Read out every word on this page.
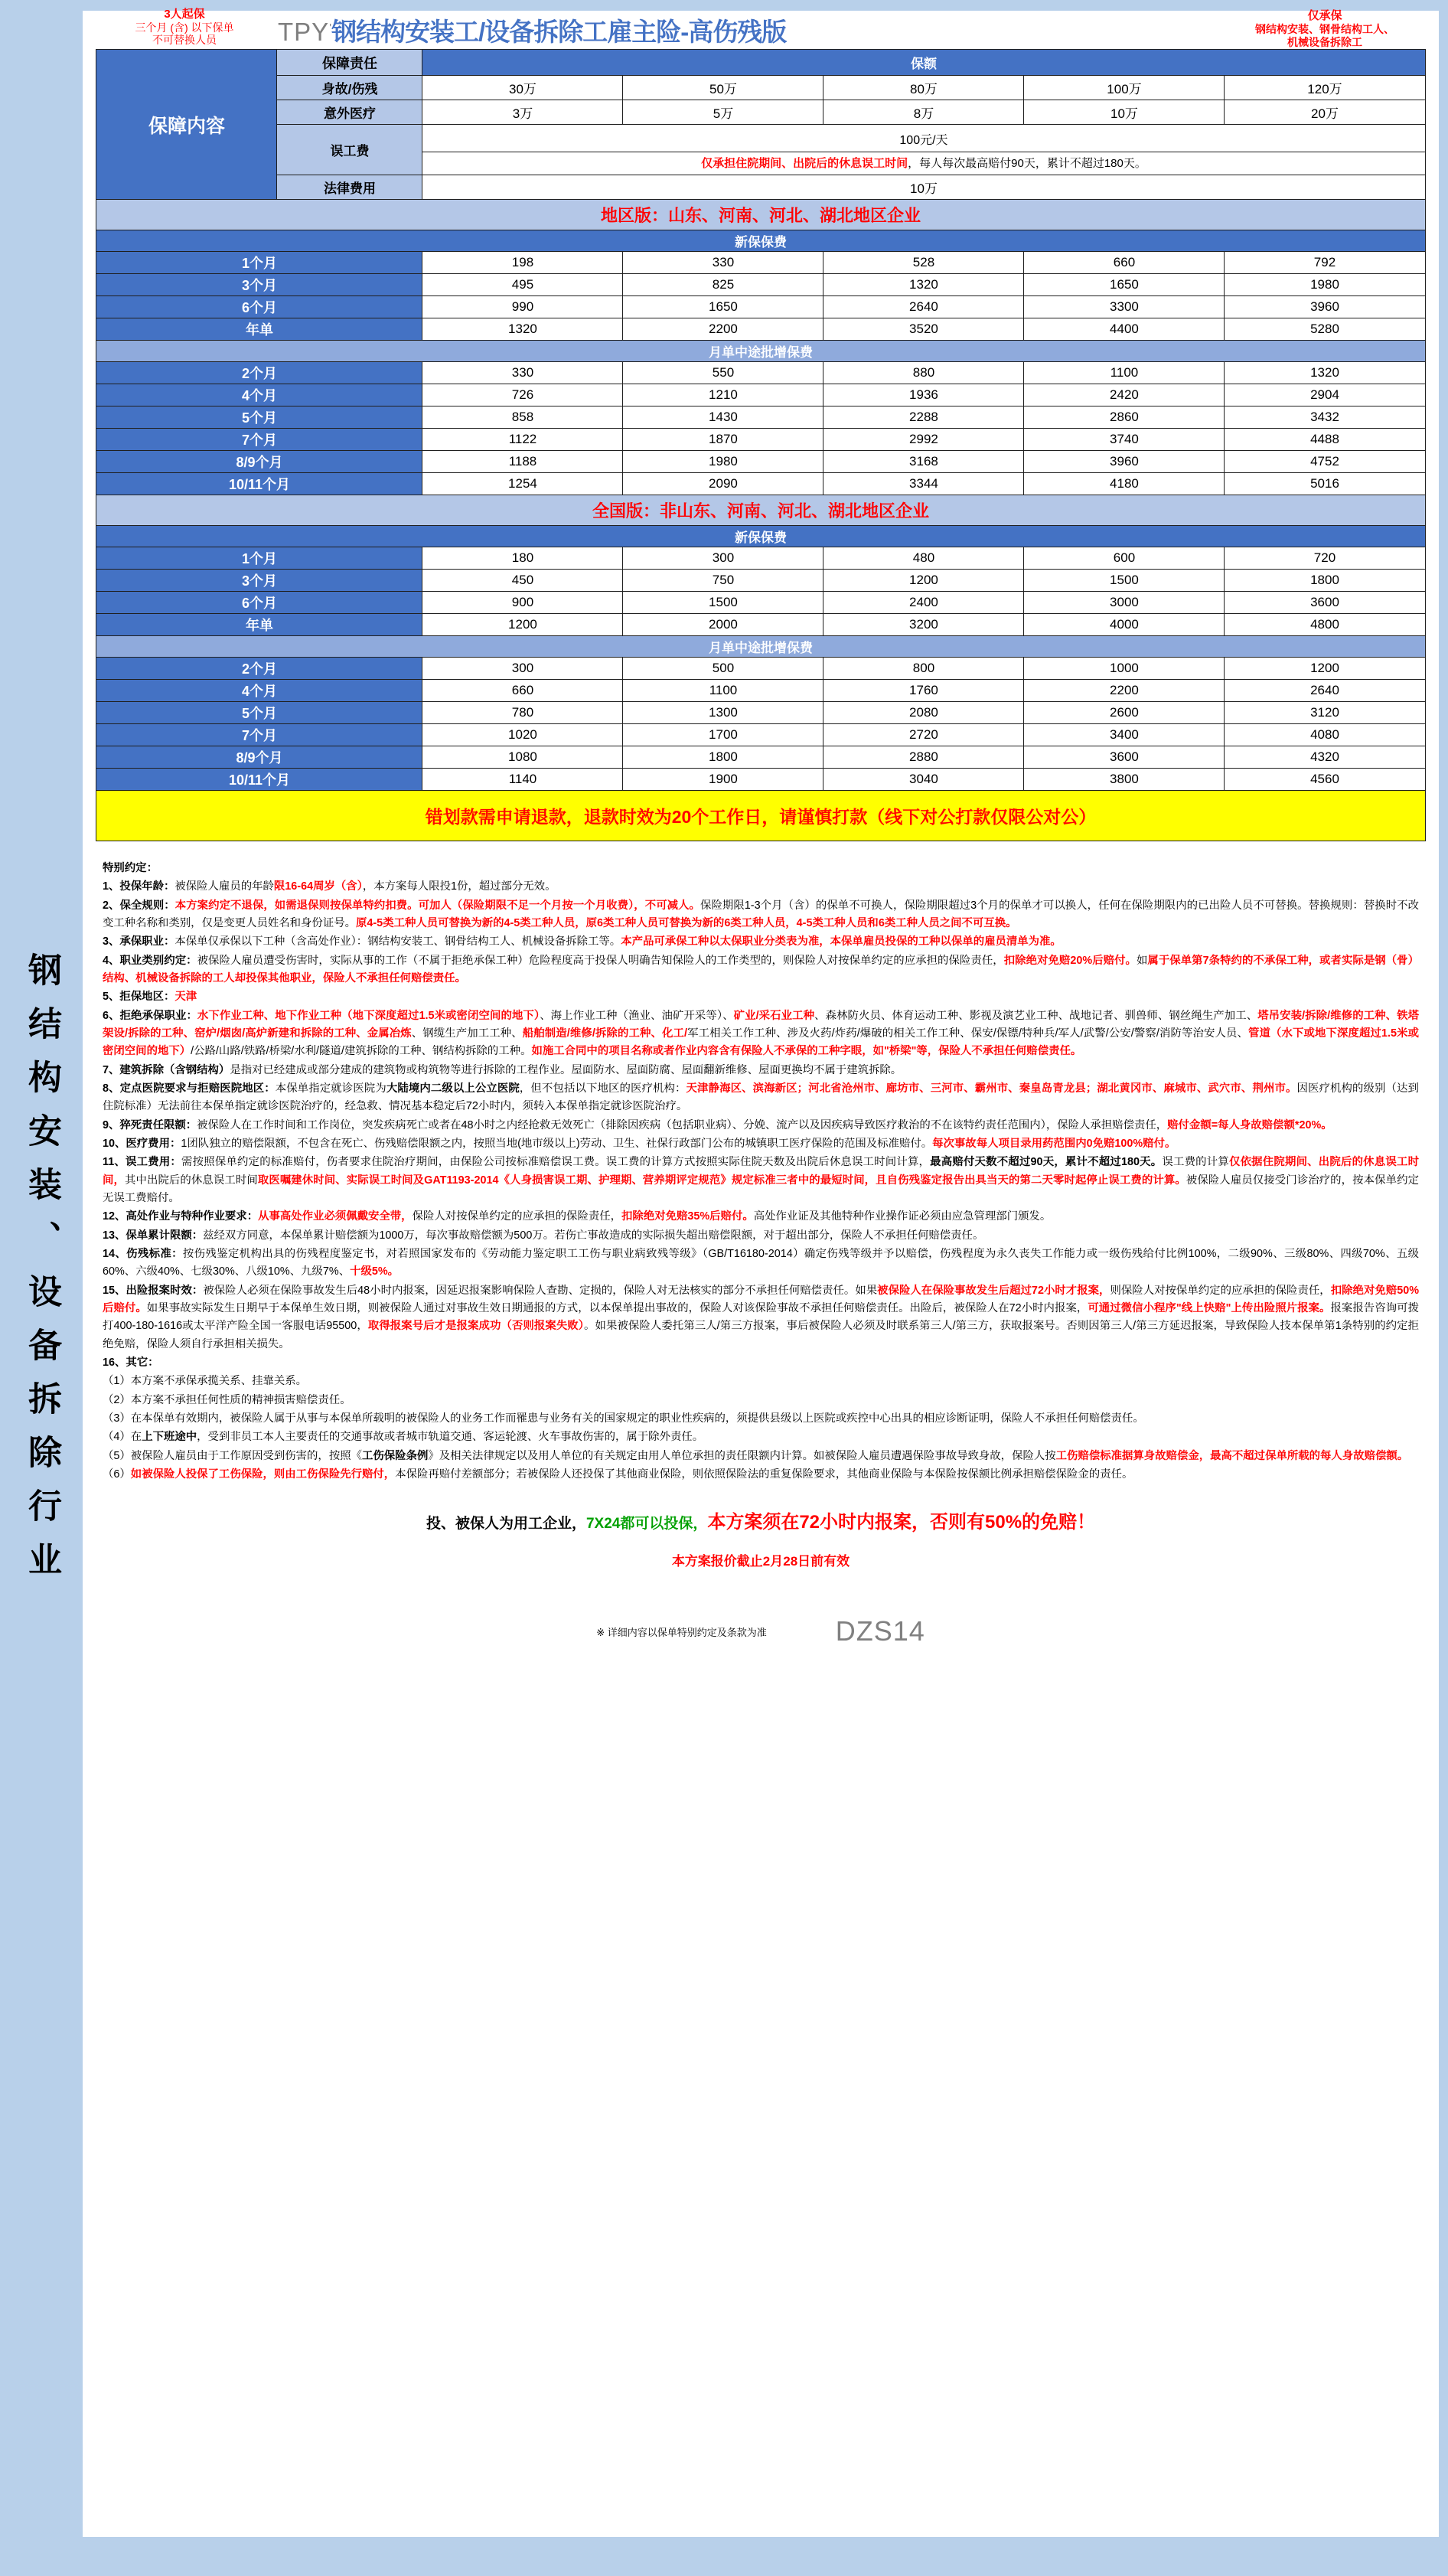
钢结构安装、设备拆除行业
3人起保
三个月 (含) 以下保单
不可替换人员	TPY'钢结构安装工/设备拆除工雇主险-高伤残版
仅承保
钢结构安装、钢骨结构工人、
机械设备拆除工
保障内容	保障责任	保额				
	身故/伤残	30万	50万	80万	100万	120万
	意外医疗	3万	5万	8万	10万	20万
	误工费	100元/天
仅承担住院期间、出院后的休息误工时间，每人每次最高赔付90天，累计不超过180天。				

	法律费用	10万				
地区版：山东、河南、河北、湖北地区企业						
新保保费						
1个月		198	330	528	660	792
3个月		495	825	1320	1650	1980
6个月		990	1650	2640	3300	3960
年单		1320	2200	3520	4400	5280
月单中途批增保费						
2个月		330	550	880	1100	1320
4个月		726	1210	1936	2420	2904
5个月		858	1430	2288	2860	3432
7个月		1122	1870	2992	3740	4488
8/9个月		1188	1980	3168	3960	4752
10/11个月		1254	2090	3344	4180	5016
全国版：非山东、河南、河北、湖北地区企业						
新保保费						
1个月		180	300	480	600	720
3个月		450	750	1200	1500	1800
6个月		900	1500	2400	3000	3600
年单		1200	2000	3200	4000	4800
月单中途批增保费						
2个月		300	500	800	1000	1200
4个月		660	1100	1760	2200	2640
5个月		780	1300	2080	2600	3120
7个月		1020	1700	2720	3400	4080
8/9个月		1080	1800	2880	3600	4320
10/11个月		1140	1900	3040	3800	4560
错划款需申请退款，退款时效为20个工作日，请谨慎打款（线下对公打款仅限公对公）						

特别约定：

1、投保年龄：被保险人雇员的年龄限16-64周岁（含），本方案每人限投1份，超过部分无效。

2、保全规则：本方案约定不退保，如需退保则按保单特约扣费。可加人（保险期限不足一个月按一个月收费），不可减人。保险期限1-3个月（含）的保单不可换人，保险期限超过3个月的保单才可以换人，任何在保险期限内的已出险人员不可替换。替换规则：替换时不改变工种名称和类别，仅是变更人员姓名和身份证号。原4-5类工种人员可替换为新的4-5类工种人员，原6类工种人员可替换为新的6类工种人员，4-5类工种人员和6类工种人员之间不可互换。

3、承保职业：本保单仅承保以下工种（含高处作业）：钢结构安装工、钢骨结构工人、机械设备拆除工等。本产品可承保工种以太保职业分类表为准，本保单雇员投保的工种以保单的雇员清单为准。

4、职业类别约定：被保险人雇员遭受伤害时，实际从事的工作（不属于拒绝承保工种）危险程度高于投保人明确告知保险人的工作类型的，则保险人对按保单约定的应承担的保险责任，扣除绝对免赔20%后赔付。如属于保单第7条特约的不承保工种，或者实际是钢（骨）结构、机械设备拆除的工人却投保其他职业，保险人不承担任何赔偿责任。

5、拒保地区：天津

6、拒绝承保职业：水下作业工种、地下作业工种（地下深度超过1.5米或密闭空间的地下）、海上作业工种（渔业、油矿开采等）、矿业/采石业工种、森林防火员、体育运动工种、影视及演艺业工种、战地记者、驯兽师、钢丝绳生产加工、塔吊安装/拆除/维修的工种、铁塔架设/拆除的工种、窑炉/烟囱/高炉新建和拆除的工种、金属冶炼、钢缆生产加工工种、船舶制造/维修/拆除的工种、化工/军工相关工作工种、涉及火药/炸药/爆破的相关工作工种、保安/保镖/特种兵/军人/武警/公安/警察/消防等治安人员、管道（水下或地下深度超过1.5米或密闭空间的地下）/公路/山路/铁路/桥梁/水利/隧道/建筑拆除的工种、钢结构拆除的工种。如施工合同中的项目名称或者作业内容含有保险人不承保的工种字眼，如"桥梁"等，保险人不承担任何赔偿责任。

7、建筑拆除（含钢结构）是指对已经建成或部分建成的建筑物或构筑物等进行拆除的工程作业。屋面防水、屋面防腐、屋面翻新维修、屋面更换均不属于建筑拆除。

8、定点医院要求与拒赔医院地区：本保单指定就诊医院为大陆境内二级以上公立医院，但不包括以下地区的医疗机构：天津静海区、滨海新区；河北省沧州市、廊坊市、三河市、霸州市、秦皇岛青龙县；湖北黄冈市、麻城市、武穴市、荆州市。因医疗机构的级别（达到住院标准）无法前往本保单指定就诊医院治疗的，经急救、情况基本稳定后72小时内，须转入本保单指定就诊医院治疗。

9、猝死责任限额：被保险人在工作时间和工作岗位，突发疾病死亡或者在48小时之内经抢救无效死亡（排除因疾病（包括职业病）、分娩、流产以及因疾病导致医疗救治的不在该特约责任范围内），保险人承担赔偿责任，赔付金额=每人身故赔偿额*20%。

10、医疗费用：1团队独立的赔偿限额，不包含在死亡、伤残赔偿限额之内，按照当地(地市级以上)劳动、卫生、社保行政部门公布的城镇职工医疗保险的范围及标准赔付。每次事故每人项目录用药范围内0免赔100%赔付。

11、误工费用：需按照保单约定的标准赔付，伤者要求住院治疗期间，由保险公司按标准赔偿误工费。误工费的计算方式按照实际住院天数及出院后休息误工时间计算，最高赔付天数不超过90天，累计不超过180天。误工费的计算仅依据住院期间、出院后的休息误工时间，其中出院后的休息误工时间取医嘱建休时间、实际误工时间及GAT1193-2014《人身损害误工期、护理期、营养期评定规范》规定标准三者中的最短时间，且自伤残鉴定报告出具当天的第二天零时起停止误工费的计算。被保险人雇员仅接受门诊治疗的，按本保单约定无误工费赔付。

12、高处作业与特种作业要求：从事高处作业必须佩戴安全带，保险人对按保单约定的应承担的保险责任，扣除绝对免赔35%后赔付。高处作业证及其他特种作业操作证必须由应急管理部门颁发。

13、保单累计限额：兹经双方同意，本保单累计赔偿额为1000万，每次事故赔偿额为500万。若伤亡事故造成的实际损失超出赔偿限额，对于超出部分，保险人不承担任何赔偿责任。

14、伤残标准：按伤残鉴定机构出具的伤残程度鉴定书，对若照国家发布的《劳动能力鉴定职工工伤与职业病致残等级》（GB/T16180-2014）确定伤残等级并予以赔偿，伤残程度为永久丧失工作能力或一级伤残给付比例100%，二级90%、三级80%、四级70%、五级60%、六级40%、七级30%、八级10%、九级7%、十级5%。

15、出险报案时效：被保险人必须在保险事故发生后48小时内报案，因延迟报案影响保险人查勘、定损的，保险人对无法核实的部分不承担任何赔偿责任。如果被保险人在保险事故发生后超过72小时才报案，则保险人对按保单约定的应承担的保险责任，扣除绝对免赔50%后赔付。如果事故实际发生日期早于本保单生效日期，则被保险人通过对事故生效日期通报的方式，以本保单提出事故的，保险人对该保险事故不承担任何赔偿责任。出险后，被保险人在72小时内报案，可通过微信小程序"线上快赔"上传出险照片报案。报案报告咨询可拨打400-180-1616或太平洋产险全国一客服电话95500，取得报案号后才是报案成功（否则报案失败）。如果被保险人委托第三人/第三方报案，事后被保险人必须及时联系第三人/第三方，获取报案号。否则因第三人/第三方延迟报案，导致保险人技本保单第1条特别的约定拒绝免赔，保险人须自行承担相关损失。

16、其它：

（1）本方案不承保承揽关系、挂靠关系。

（2）本方案不承担任何性质的精神损害赔偿责任。

（3）在本保单有效期内，被保险人属于从事与本保单所载明的被保险人的业务工作而罹患与业务有关的国家规定的职业性疾病的，须提供县级以上医院或疾控中心出具的相应诊断证明，保险人不承担任何赔偿责任。

（4）在上下班途中，受到非员工本人主要责任的交通事故或者城市轨道交通、客运轮渡、火车事故伤害的，属于除外责任。

（5）被保险人雇员由于工作原因受到伤害的，按照《工伤保险条例》及相关法律规定以及用人单位的有关规定由用人单位承担的责任限额内计算。如被保险人雇员遭遇保险事故导致身故，保险人按工伤赔偿标准据算身故赔偿金，最高不超过保单所载的每人身故赔偿额。

（6）如被保险人投保了工伤保险，则由工伤保险先行赔付，本保险再赔付差额部分；若被保险人还投保了其他商业保险，则依照保险法的重复保险要求，其他商业保险与本保险按保额比例承担赔偿保险金的责任。

投、被保人为用工企业，7X24都可以投保，本方案须在72小时内报案，否则有50%的免赔！
本方案报价截止2月28日前有效
※ 详细内容以保单特别约定及条款为准	DZS14
